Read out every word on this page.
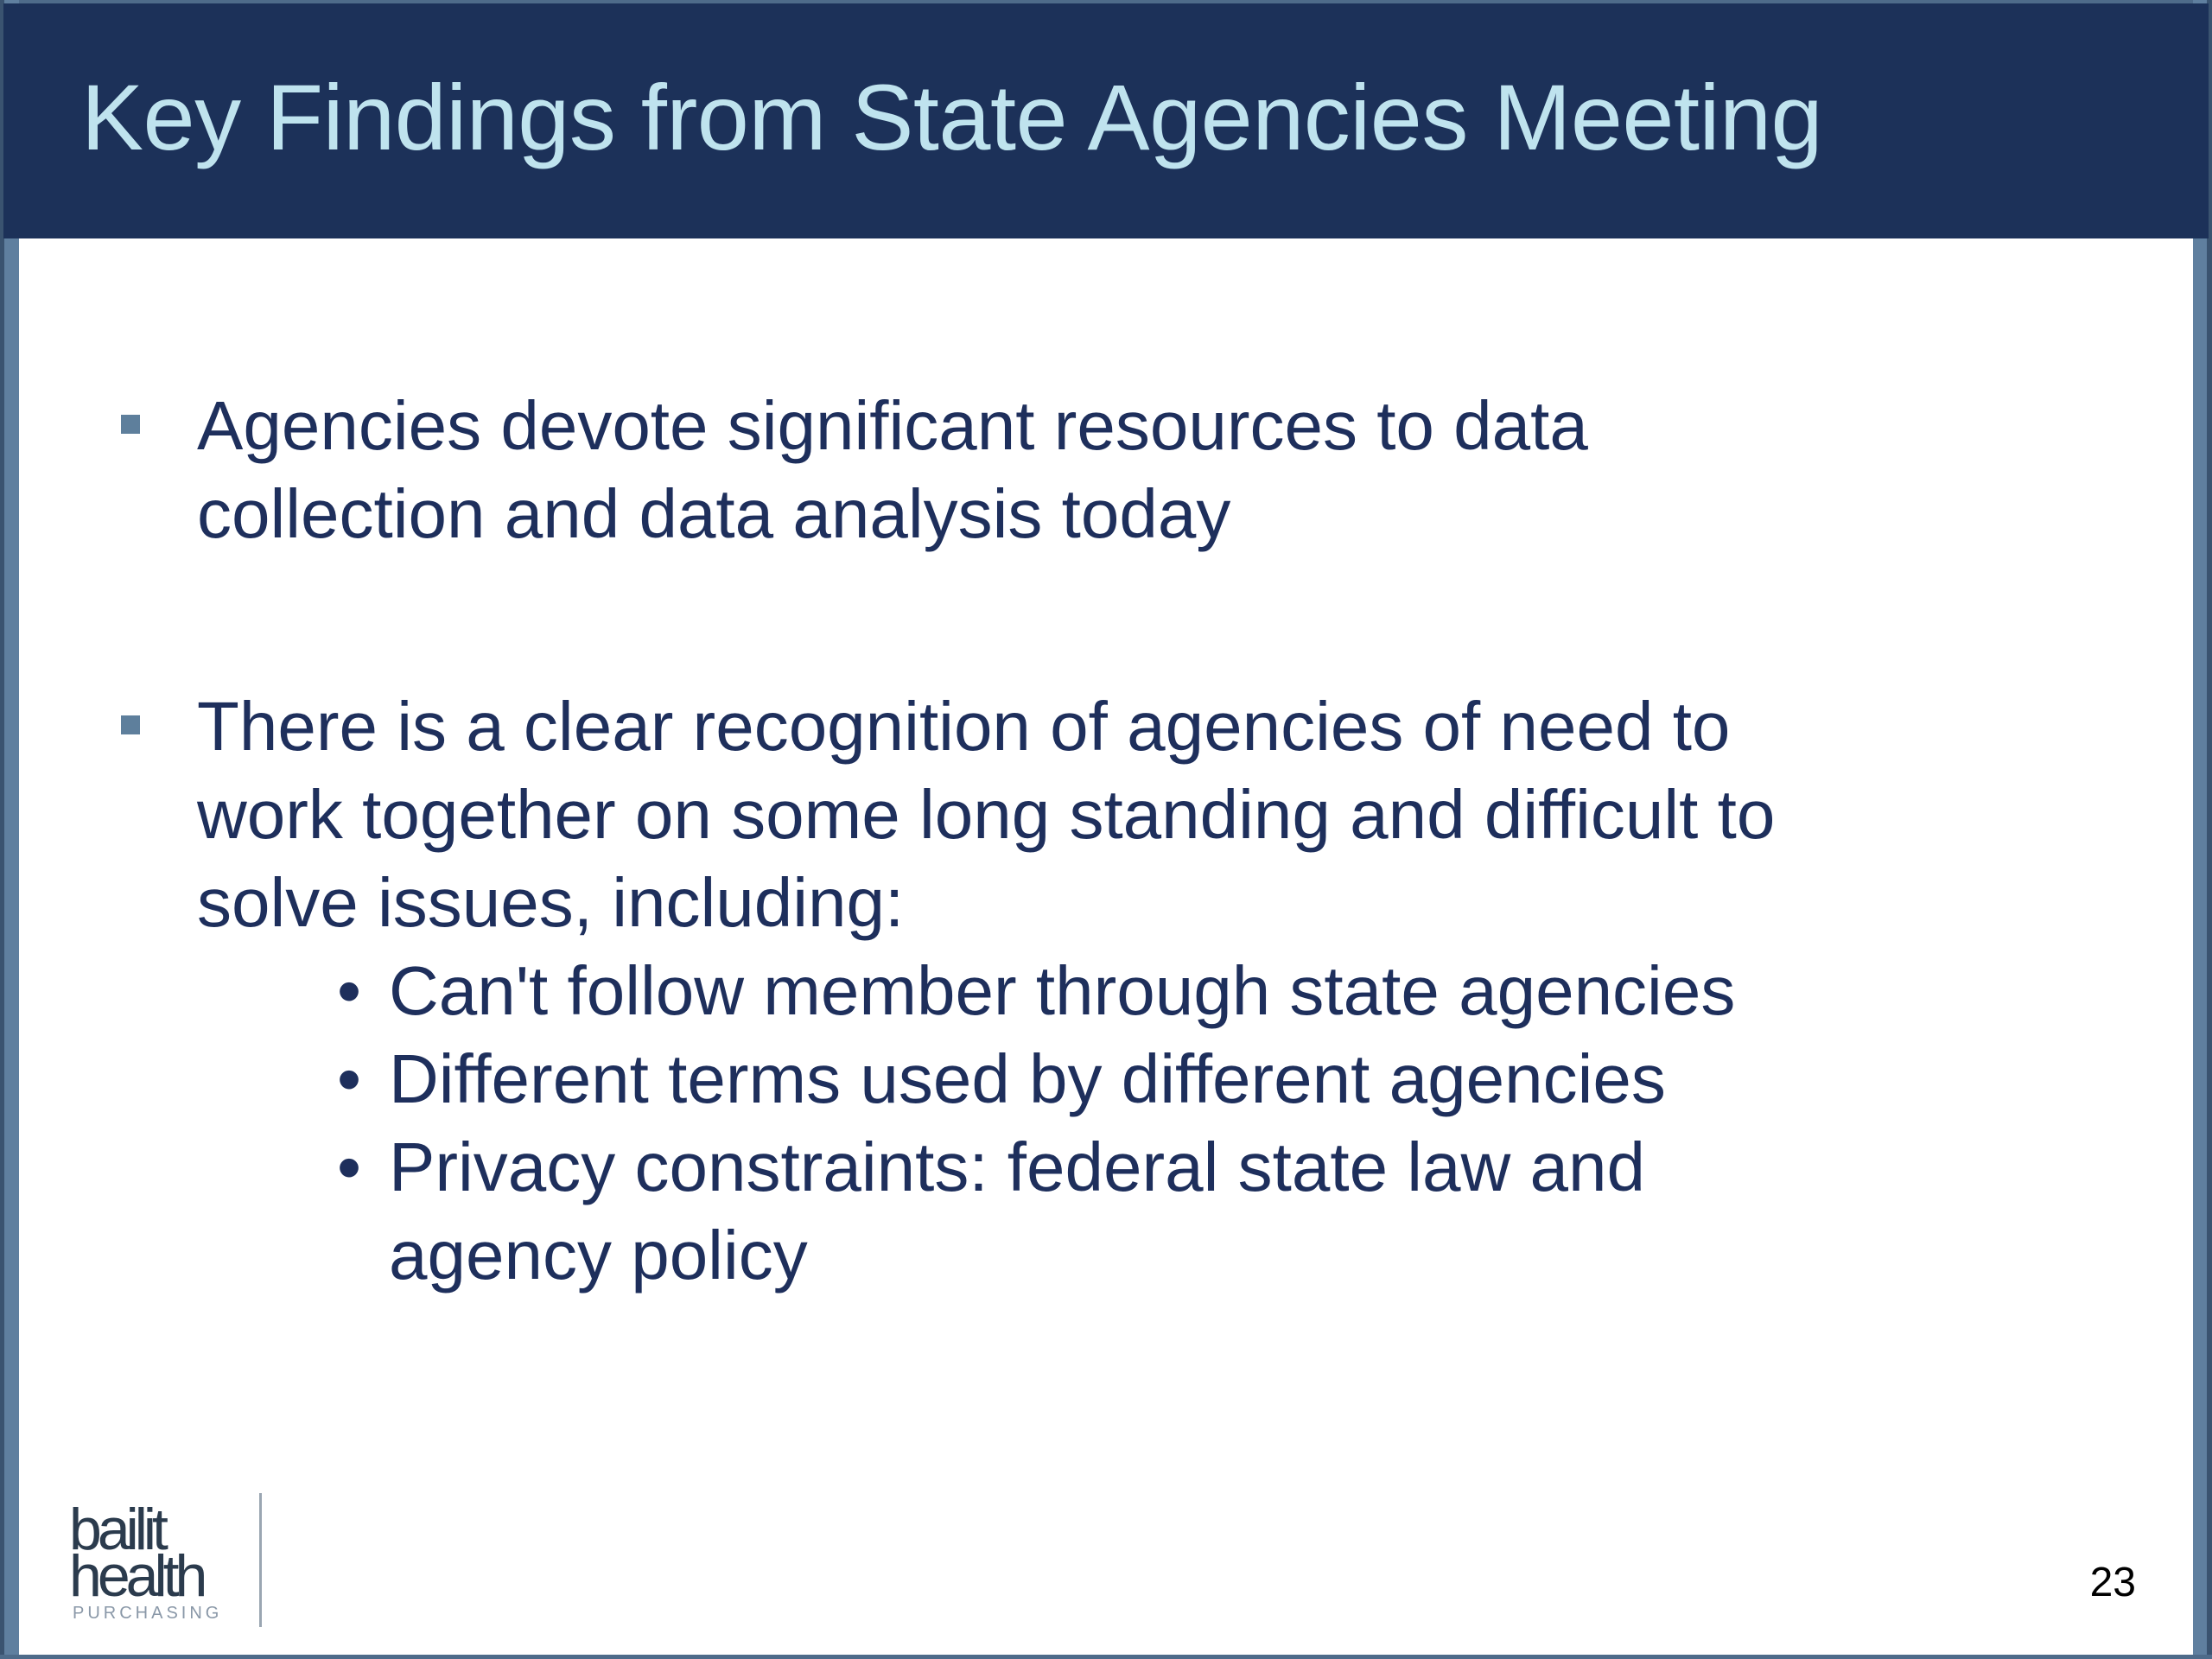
Key Findings from State Agencies Meeting
Agencies devote significant resources to data
collection and data analysis today
There is a clear recognition of agencies of need to
work together on some long standing and difficult to
solve issues, including:
• Can't follow member through state agencies
• Different terms used by different agencies
• Privacy constraints: federal state law and
agency policy
bailit
health
PURCHASING
23
